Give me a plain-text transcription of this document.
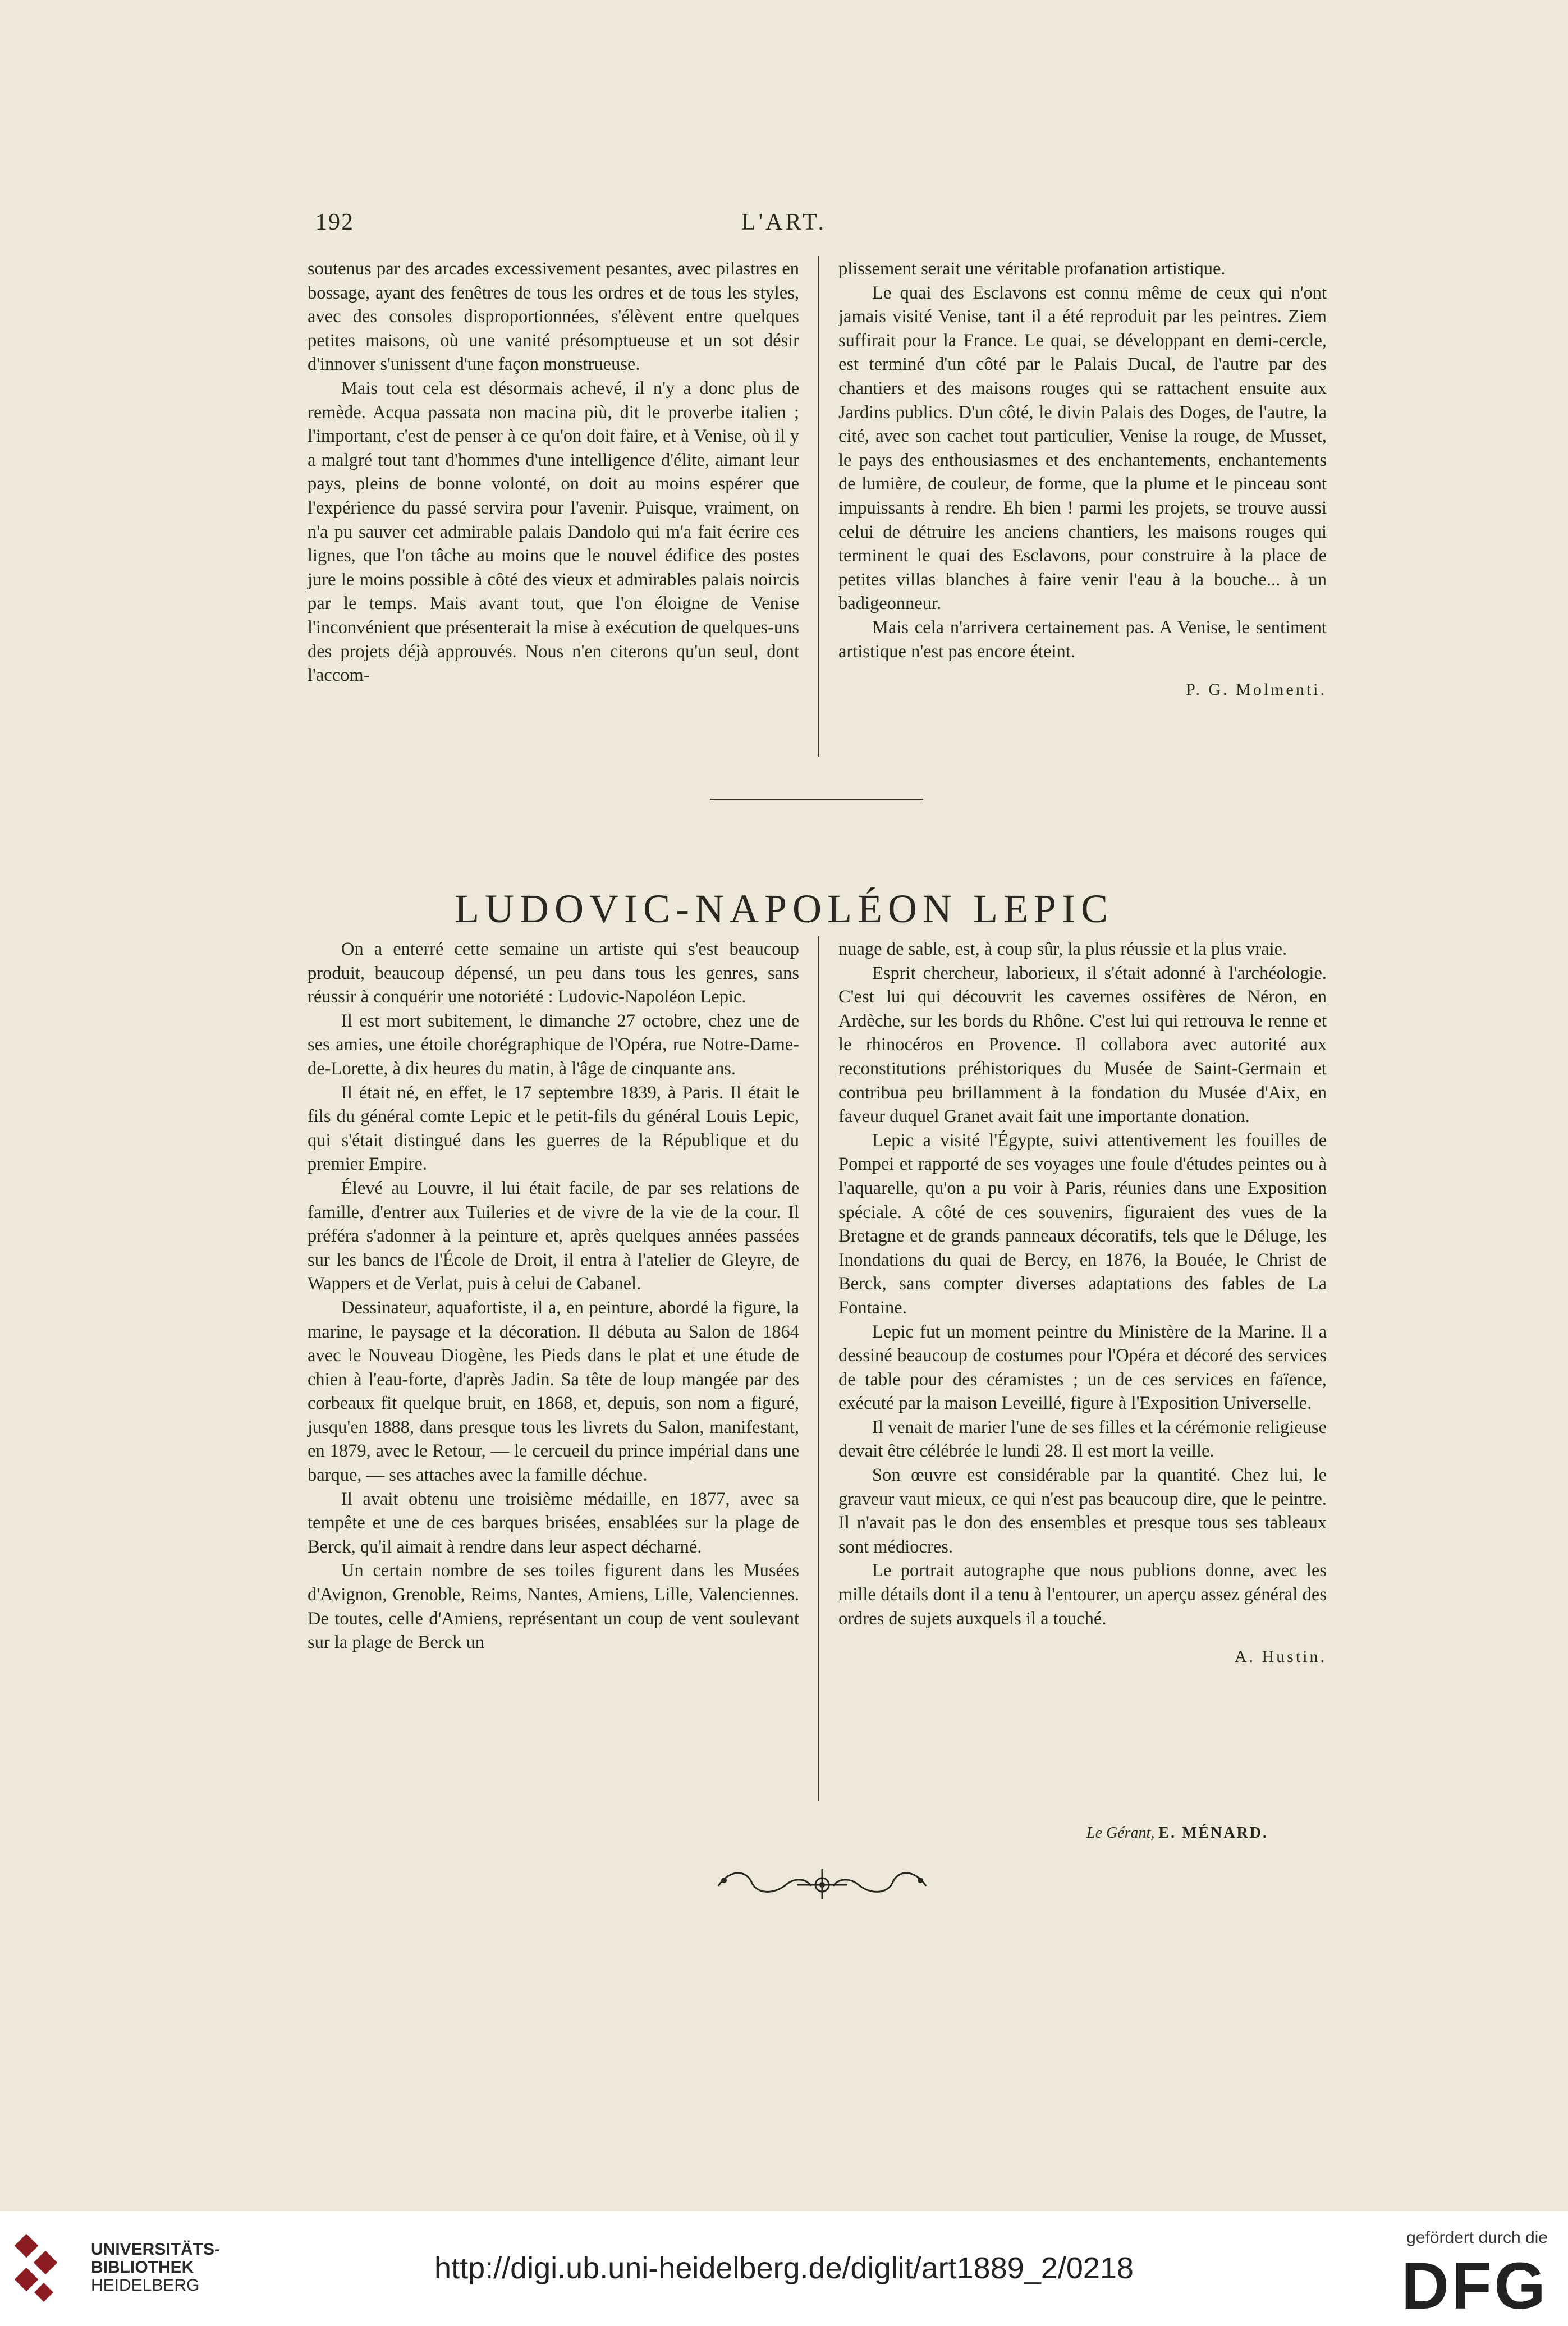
L'ART.
192

soutenus par des arcades excessivement pesantes, avec pilastres en bossage, ayant des fenêtres de tous les ordres et de tous les styles, avec des consoles disproportionnées, s'élèvent entre quelques petites maisons, où une vanité présomptueuse et un sot désir d'innover s'unissent d'une façon monstrueuse.

Mais tout cela est désormais achevé, il n'y a donc plus de remède. Acqua passata non macina più, dit le proverbe italien ; l'important, c'est de penser à ce qu'on doit faire, et à Venise, où il y a malgré tout tant d'hommes d'une intelligence d'élite, aimant leur pays, pleins de bonne volonté, on doit au moins espérer que l'expérience du passé servira pour l'avenir. Puisque, vraiment, on n'a pu sauver cet admirable palais Dandolo qui m'a fait écrire ces lignes, que l'on tâche au moins que le nouvel édifice des postes jure le moins possible à côté des vieux et admirables palais noircis par le temps. Mais avant tout, que l'on éloigne de Venise l'inconvénient que présenterait la mise à exécution de quelques-uns des projets déjà approuvés. Nous n'en citerons qu'un seul, dont l'accom-

plissement serait une véritable profanation artistique.

Le quai des Esclavons est connu même de ceux qui n'ont jamais visité Venise, tant il a été reproduit par les peintres. Ziem suffirait pour la France. Le quai, se développant en demi-cercle, est terminé d'un côté par le Palais Ducal, de l'autre par des chantiers et des maisons rouges qui se rattachent ensuite aux Jardins publics. D'un côté, le divin Palais des Doges, de l'autre, la cité, avec son cachet tout particulier, Venise la rouge, de Musset, le pays des enthousiasmes et des enchantements, enchantements de lumière, de couleur, de forme, que la plume et le pinceau sont impuissants à rendre. Eh bien ! parmi les projets, se trouve aussi celui de détruire les anciens chantiers, les maisons rouges qui terminent le quai des Esclavons, pour construire à la place de petites villas blanches à faire venir l'eau à la bouche... à un badigeonneur.

Mais cela n'arrivera certainement pas. A Venise, le sentiment artistique n'est pas encore éteint.

P. G. Molmenti.

LUDOVIC-NAPOLÉON LEPIC

On a enterré cette semaine un artiste qui s'est beaucoup produit, beaucoup dépensé, un peu dans tous les genres, sans réussir à conquérir une notoriété : Ludovic-Napoléon Lepic.

Il est mort subitement, le dimanche 27 octobre, chez une de ses amies, une étoile chorégraphique de l'Opéra, rue Notre-Dame-de-Lorette, à dix heures du matin, à l'âge de cinquante ans.

Il était né, en effet, le 17 septembre 1839, à Paris. Il était le fils du général comte Lepic et le petit-fils du général Louis Lepic, qui s'était distingué dans les guerres de la République et du premier Empire.

Élevé au Louvre, il lui était facile, de par ses relations de famille, d'entrer aux Tuileries et de vivre de la vie de la cour. Il préféra s'adonner à la peinture et, après quelques années passées sur les bancs de l'École de Droit, il entra à l'atelier de Gleyre, de Wappers et de Verlat, puis à celui de Cabanel.

Dessinateur, aquafortiste, il a, en peinture, abordé la figure, la marine, le paysage et la décoration. Il débuta au Salon de 1864 avec le Nouveau Diogène, les Pieds dans le plat et une étude de chien à l'eau-forte, d'après Jadin. Sa tête de loup mangée par des corbeaux fit quelque bruit, en 1868, et, depuis, son nom a figuré, jusqu'en 1888, dans presque tous les livrets du Salon, manifestant, en 1879, avec le Retour, — le cercueil du prince impérial dans une barque, — ses attaches avec la famille déchue.

Il avait obtenu une troisième médaille, en 1877, avec sa tempête et une de ces barques brisées, ensablées sur la plage de Berck, qu'il aimait à rendre dans leur aspect décharné.

Un certain nombre de ses toiles figurent dans les Musées d'Avignon, Grenoble, Reims, Nantes, Amiens, Lille, Valenciennes. De toutes, celle d'Amiens, représentant un coup de vent soulevant sur la plage de Berck un

nuage de sable, est, à coup sûr, la plus réussie et la plus vraie.

Esprit chercheur, laborieux, il s'était adonné à l'archéologie. C'est lui qui découvrit les cavernes ossifères de Néron, en Ardèche, sur les bords du Rhône. C'est lui qui retrouva le renne et le rhinocéros en Provence. Il collabora avec autorité aux reconstitutions préhistoriques du Musée de Saint-Germain et contribua peu brillamment à la fondation du Musée d'Aix, en faveur duquel Granet avait fait une importante donation.

Lepic a visité l'Égypte, suivi attentivement les fouilles de Pompei et rapporté de ses voyages une foule d'études peintes ou à l'aquarelle, qu'on a pu voir à Paris, réunies dans une Exposition spéciale. A côté de ces souvenirs, figuraient des vues de la Bretagne et de grands panneaux décoratifs, tels que le Déluge, les Inondations du quai de Bercy, en 1876, la Bouée, le Christ de Berck, sans compter diverses adaptations des fables de La Fontaine.

Lepic fut un moment peintre du Ministère de la Marine. Il a dessiné beaucoup de costumes pour l'Opéra et décoré des services de table pour des céramistes ; un de ces services en faïence, exécuté par la maison Leveillé, figure à l'Exposition Universelle.

Il venait de marier l'une de ses filles et la cérémonie religieuse devait être célébrée le lundi 28. Il est mort la veille.

Son œuvre est considérable par la quantité. Chez lui, le graveur vaut mieux, ce qui n'est pas beaucoup dire, que le peintre. Il n'avait pas le don des ensembles et presque tous ses tableaux sont médiocres.

Le portrait autographe que nous publions donne, avec les mille détails dont il a tenu à l'entourer, un aperçu assez général des ordres de sujets auxquels il a touché.

A. Hustin.

Le Gérant, E. MÉNARD.
UNIVERSITÄTS-
BIBLIOTHEK
HEIDELBERG
http://digi.ub.uni-heidelberg.de/diglit/art1889_2/0218
gefördert durch die
DFG
